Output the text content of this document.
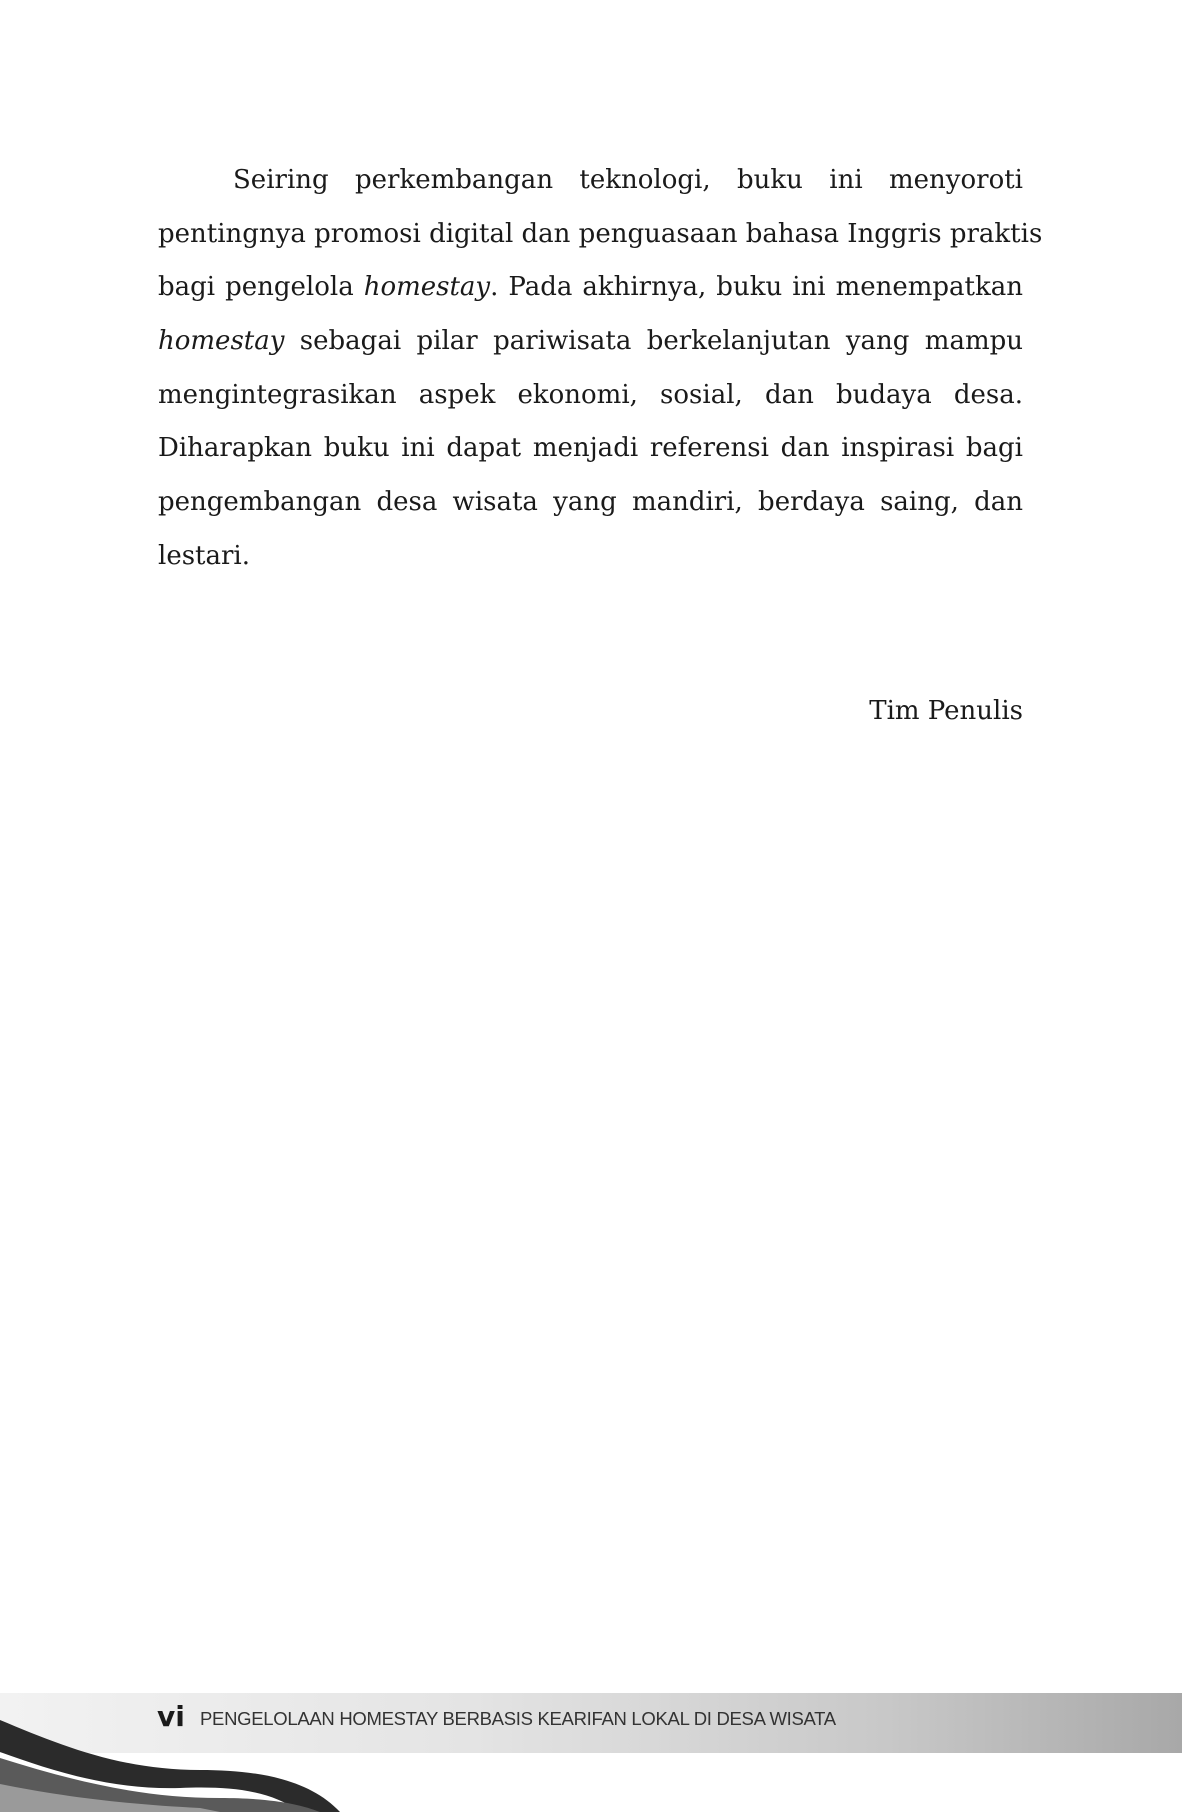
Seiring perkembangan teknologi, buku ini menyoroti
pentingnya promosi digital dan penguasaan bahasa Inggris praktis
bagi pengelola homestay. Pada akhirnya, buku ini menempatkan
homestay sebagai pilar pariwisata berkelanjutan yang mampu
mengintegrasikan aspek ekonomi, sosial, dan budaya desa.
Diharapkan buku ini dapat menjadi referensi dan inspirasi bagi
pengembangan desa wisata yang mandiri, berdaya saing, dan
lestari.
Tim Penulis
vi PENGELOLAAN HOMESTAY BERBASIS KEARIFAN LOKAL DI DESA WISATA
